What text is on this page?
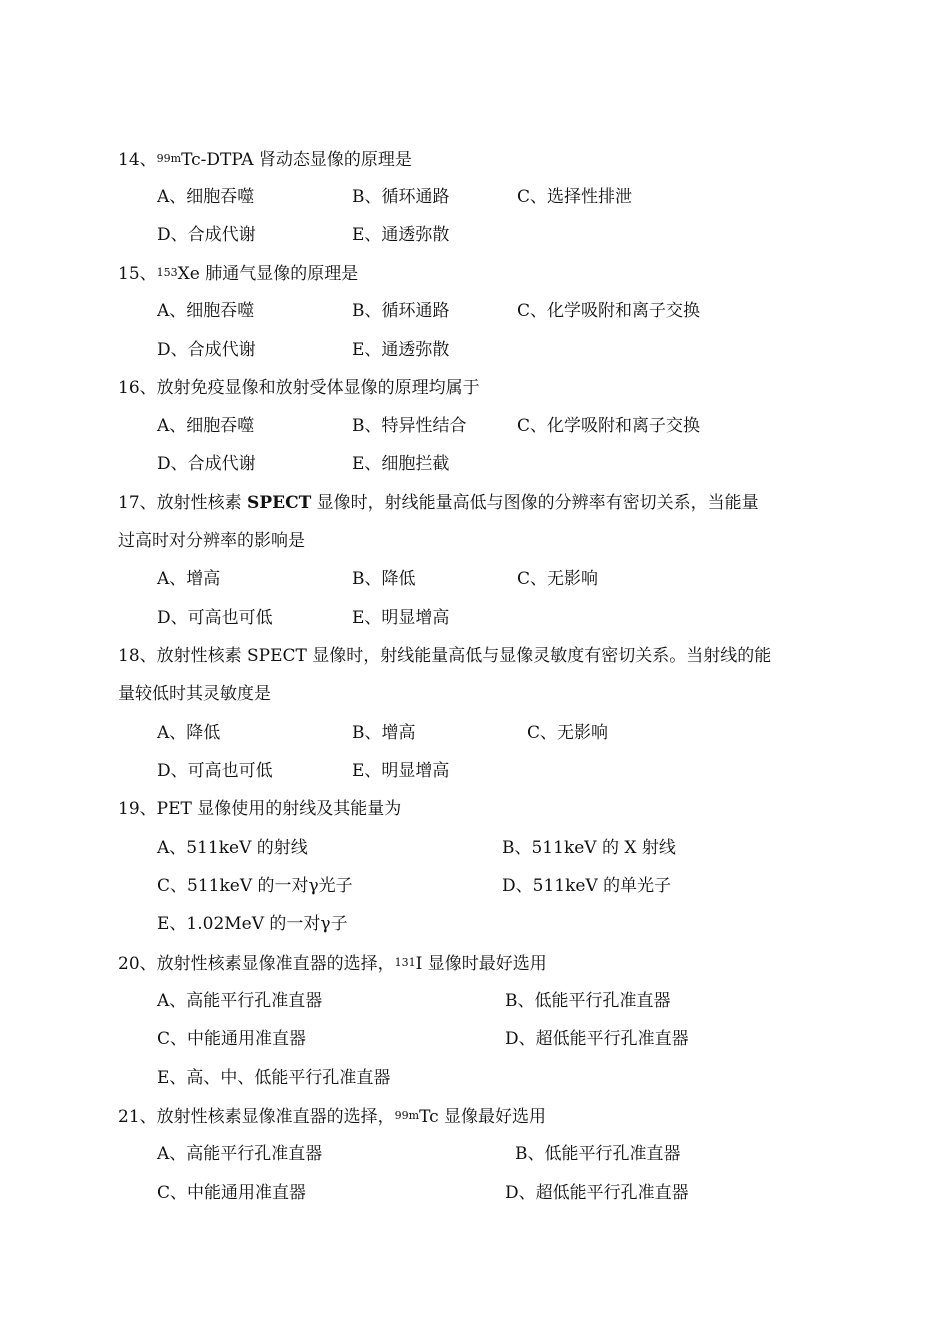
14、$^{99m}$Tc-DTPA 肾动态显像的原理是
A、细胞吞噬	B、循环通路	C、选择性排泄
D、合成代谢	E、通透弥散
15、$^{153}$Xe 肺通气显像的原理是
A、细胞吞噬	B、循环通路	C、化学吸附和离子交换
D、合成代谢	E、通透弥散
16、放射免疫显像和放射受体显像的原理均属于
A、细胞吞噬	B、特异性结合	C、化学吸附和离子交换
D、合成代谢	E、细胞拦截
17、放射性核素 SPECT 显像时，射线能量高低与图像的分辨率有密切关系，当能量
过高时对分辨率的影响是
A、增高	B、降低	C、无影响
D、可高也可低	E、明显增高
18、放射性核素 SPECT 显像时，射线能量高低与显像灵敏度有密切关系。当射线的能
量较低时其灵敏度是
A、降低	B、增高	C、无影响
D、可高也可低	E、明显增高
19、PET 显像使用的射线及其能量为
A、511keV 的射线	B、511keV 的 X 射线
C、511keV 的一对γ光子	D、511keV 的单光子
E、1.02MeV 的一对γ子
20、放射性核素显像准直器的选择，$^{131}$I 显像时最好选用
A、高能平行孔准直器	B、低能平行孔准直器
C、中能通用准直器	D、超低能平行孔准直器
E、高、中、低能平行孔准直器
21、放射性核素显像准直器的选择，$^{99m}$Tc 显像最好选用
A、高能平行孔准直器	B、低能平行孔准直器
C、中能通用准直器	D、超低能平行孔准直器
